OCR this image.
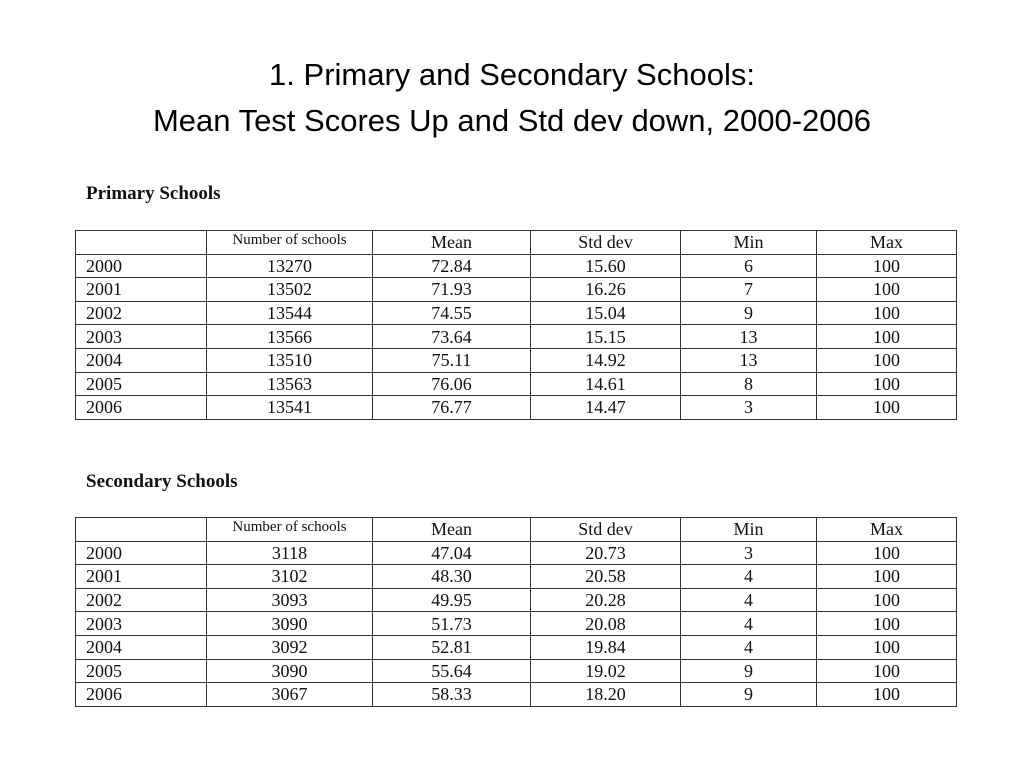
1. Primary and Secondary Schools:
Mean Test Scores Up and Std dev down, 2000-2006
Primary Schools
	Number of schools	Mean	Std dev	Min	Max
2000	13270	72.84	15.60	6	100
2001	13502	71.93	16.26	7	100
2002	13544	74.55	15.04	9	100
2003	13566	73.64	15.15	13	100
2004	13510	75.11	14.92	13	100
2005	13563	76.06	14.61	8	100
2006	13541	76.77	14.47	3	100
Secondary Schools
	Number of schools	Mean	Std dev	Min	Max
2000	3118	47.04	20.73	3	100
2001	3102	48.30	20.58	4	100
2002	3093	49.95	20.28	4	100
2003	3090	51.73	20.08	4	100
2004	3092	52.81	19.84	4	100
2005	3090	55.64	19.02	9	100
2006	3067	58.33	18.20	9	100
